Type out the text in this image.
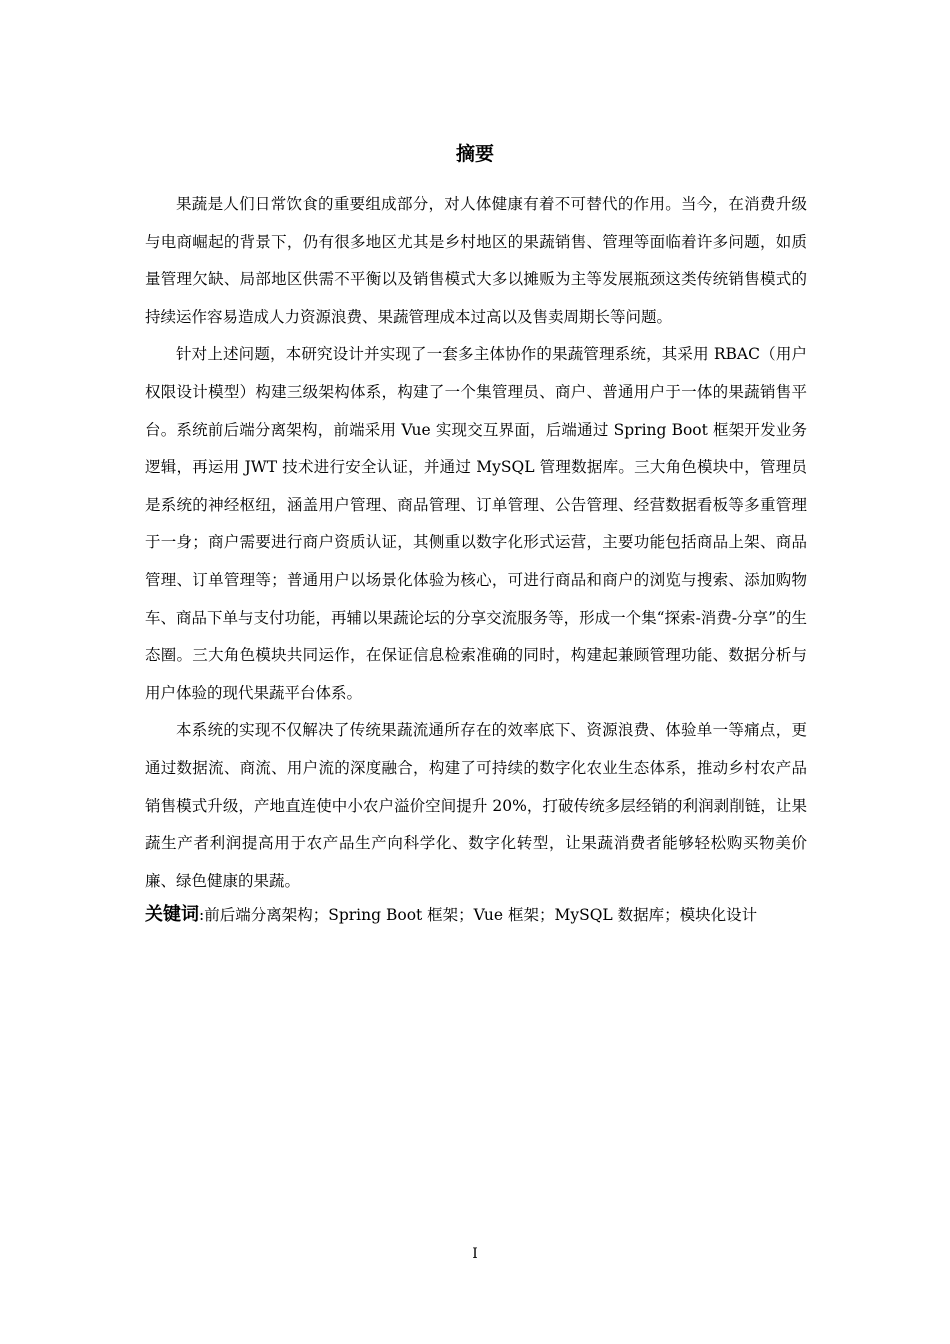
摘要

果蔬是人们日常饮食的重要组成部分，对人体健康有着不可替代的作用。当今，在消费升级与电商崛起的背景下，仍有很多地区尤其是乡村地区的果蔬销售、管理等面临着许多问题，如质量管理欠缺、局部地区供需不平衡以及销售模式大多以摊贩为主等发展瓶颈这类传统销售模式的持续运作容易造成人力资源浪费、果蔬管理成本过高以及售卖周期长等问题。

针对上述问题，本研究设计并实现了一套多主体协作的果蔬管理系统，其采用 RBAC（用户权限设计模型）构建三级架构体系，构建了一个集管理员、商户、普通用户于一体的果蔬销售平台。系统前后端分离架构，前端采用 Vue 实现交互界面，后端通过 Spring Boot 框架开发业务逻辑，再运用 JWT 技术进行安全认证，并通过 MySQL 管理数据库。三大角色模块中，管理员是系统的神经枢纽，涵盖用户管理、商品管理、订单管理、公告管理、经营数据看板等多重管理于一身；商户需要进行商户资质认证，其侧重以数字化形式运营，主要功能包括商品上架、商品管理、订单管理等；普通用户以场景化体验为核心，可进行商品和商户的浏览与搜索、添加购物车、商品下单与支付功能，再辅以果蔬论坛的分享交流服务等，形成一个集“探索-消费-分享”的生态圈。三大角色模块共同运作，在保证信息检索准确的同时，构建起兼顾管理功能、数据分析与用户体验的现代果蔬平台体系。

本系统的实现不仅解决了传统果蔬流通所存在的效率底下、资源浪费、体验单一等痛点，更通过数据流、商流、用户流的深度融合，构建了可持续的数字化农业生态体系，推动乡村农产品销售模式升级，产地直连使中小农户溢价空间提升 20%，打破传统多层经销的利润剥削链，让果蔬生产者利润提高用于农产品生产向科学化、数字化转型，让果蔬消费者能够轻松购买物美价廉、绿色健康的果蔬。

关键词:前后端分离架构；Spring Boot 框架；Vue 框架；MySQL 数据库；模块化设计

I
